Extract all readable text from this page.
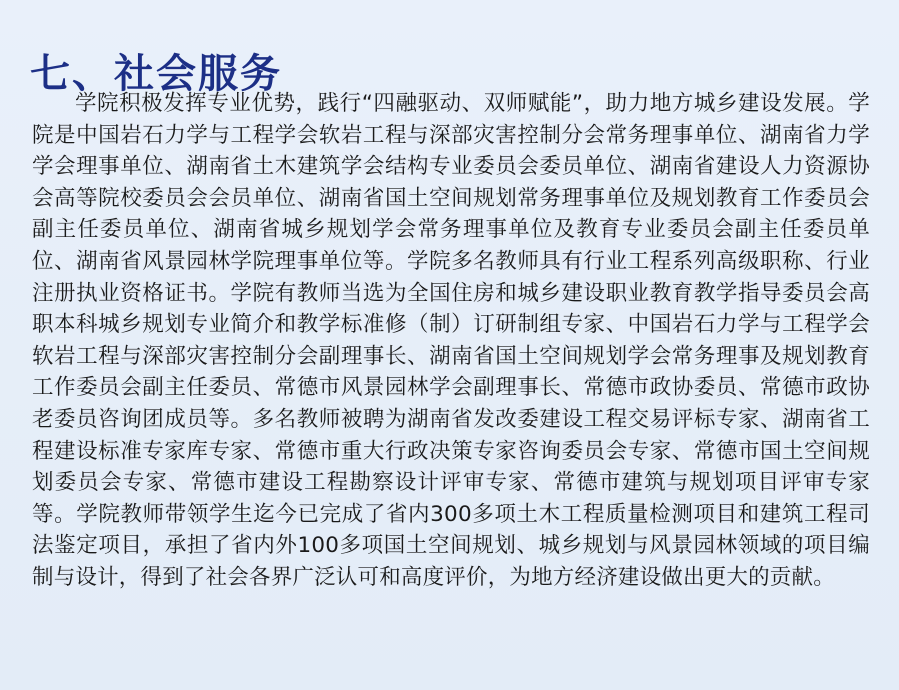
七、社会服务

学院积极发挥专业优势，践行“四融驱动、双师赋能”，助力地方城乡建设发展。学院是中国岩石力学与工程学会软岩工程与深部灾害控制分会常务理事单位、湖南省力学学会理事单位、湖南省土木建筑学会结构专业委员会委员单位、湖南省建设人力资源协会高等院校委员会会员单位、湖南省国土空间规划常务理事单位及规划教育工作委员会副主任委员单位、湖南省城乡规划学会常务理事单位及教育专业委员会副主任委员单位、湖南省风景园林学院理事单位等。学院多名教师具有行业工程系列高级职称、行业注册执业资格证书。学院有教师当选为全国住房和城乡建设职业教育教学指导委员会高职本科城乡规划专业简介和教学标准修（制）订研制组专家、中国岩石力学与工程学会软岩工程与深部灾害控制分会副理事长、湖南省国土空间规划学会常务理事及规划教育工作委员会副主任委员、常德市风景园林学会副理事长、常德市政协委员、常德市政协老委员咨询团成员等。多名教师被聘为湖南省发改委建设工程交易评标专家、湖南省工程建设标准专家库专家、常德市重大行政决策专家咨询委员会专家、常德市国土空间规划委员会专家、常德市建设工程勘察设计评审专家、常德市建筑与规划项目评审专家等。学院教师带领学生迄今已完成了省内300多项土木工程质量检测项目和建筑工程司法鉴定项目，承担了省内外100多项国土空间规划、城乡规划与风景园林领域的项目编制与设计，得到了社会各界广泛认可和高度评价，为地方经济建设做出更大的贡献。
